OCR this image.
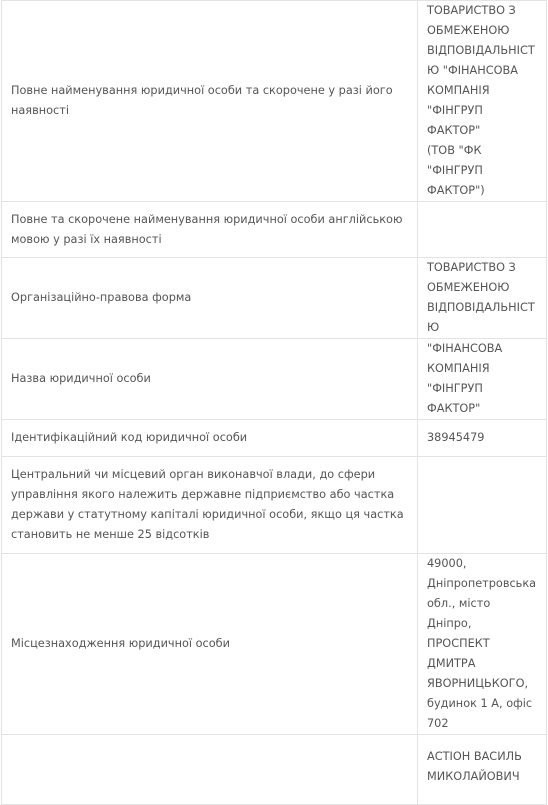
Повне найменування юридичної особи та скорочене у разі його наявності	ТОВАРИСТВО З ОБМЕЖЕНОЮ ВІДПОВІДАЛЬНІСТЮ "ФІНАНСОВА КОМПАНІЯ "ФІНГРУП ФАКТОР"
(ТОВ "ФК "ФІНГРУП ФАКТОР")
Повне та скорочене найменування юридичної особи англійською мовою у разі їх наявності	
Організаційно-правова форма	ТОВАРИСТВО З ОБМЕЖЕНОЮ ВІДПОВІДАЛЬНІСТЮ
Назва юридичної особи	"ФІНАНСОВА КОМПАНІЯ "ФІНГРУП ФАКТОР"
Ідентифікаційний код юридичної особи	38945479
Центральний чи місцевий орган виконавчої влади, до сфери управління якого належить державне підприємство або частка держави у статутному капіталі юридичної особи, якщо ця частка становить не менше 25 відсотків	
Місцезнаходження юридичної особи	49000, Дніпропетровська обл., місто Дніпро, ПРОСПЕКТ ДМИТРА ЯВОРНИЦЬКОГО, будинок 1 А, офіс 702
	АСТІОН ВАСИЛЬ МИКОЛАЙОВИЧ
